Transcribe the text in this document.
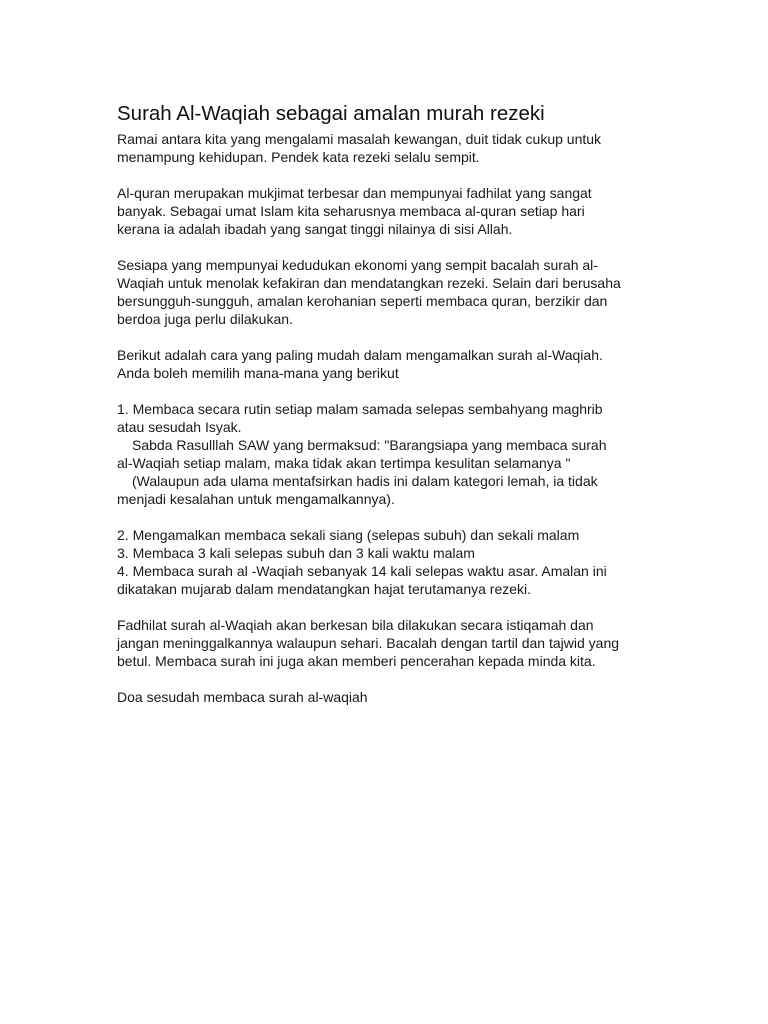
Surah Al-Waqiah sebagai amalan murah rezeki

Ramai antara kita yang mengalami masalah kewangan, duit tidak cukup untuk

menampung kehidupan. Pendek kata rezeki selalu sempit.

Al-quran merupakan mukjimat terbesar dan mempunyai fadhilat yang sangat

banyak. Sebagai umat Islam kita seharusnya membaca al-quran setiap hari

kerana ia adalah ibadah yang sangat tinggi nilainya di sisi Allah.

Sesiapa yang mempunyai kedudukan ekonomi yang sempit bacalah surah al-

Waqiah untuk menolak kefakiran dan mendatangkan rezeki. Selain dari berusaha

bersungguh-sungguh, amalan kerohanian seperti membaca quran, berzikir dan

berdoa juga perlu dilakukan.

Berikut adalah cara yang paling mudah dalam mengamalkan surah al-Waqiah.

Anda boleh memilih mana-mana yang berikut

1. Membaca secara rutin setiap malam samada selepas sembahyang maghrib

atau sesudah Isyak.

Sabda Rasulllah SAW yang bermaksud: "Barangsiapa yang membaca surah

al-Waqiah setiap malam, maka tidak akan tertimpa kesulitan selamanya "

(Walaupun ada ulama mentafsirkan hadis ini dalam kategori lemah, ia tidak

menjadi kesalahan untuk mengamalkannya).

2. Mengamalkan membaca sekali siang (selepas subuh) dan sekali malam

3. Membaca 3 kali selepas subuh dan 3 kali waktu malam

4. Membaca surah al -Waqiah sebanyak 14 kali selepas waktu asar. Amalan ini

dikatakan mujarab dalam mendatangkan hajat terutamanya rezeki.

Fadhilat surah al-Waqiah akan berkesan bila dilakukan secara istiqamah dan

jangan meninggalkannya walaupun sehari. Bacalah dengan tartil dan tajwid yang

betul. Membaca surah ini juga akan memberi pencerahan kepada minda kita.

Doa sesudah membaca surah al-waqiah
